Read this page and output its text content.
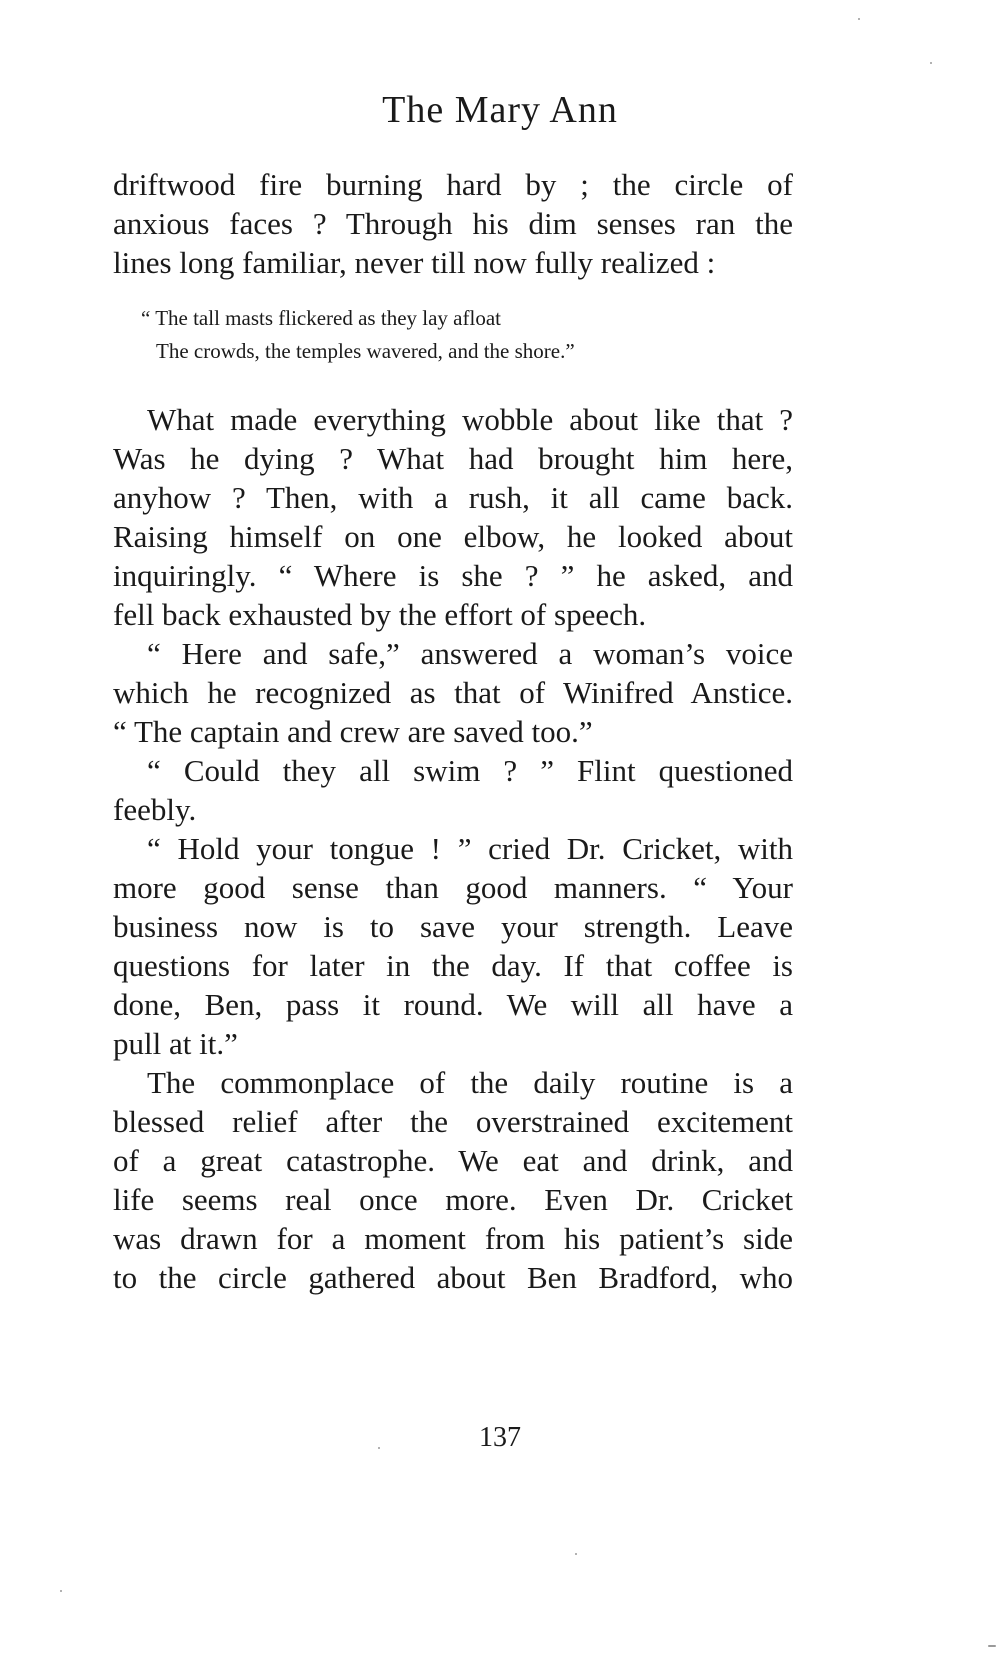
The Mary Ann

driftwood fire burning hard by ; the circle of
anxious faces ? Through his dim senses ran the
lines long familiar, never till now fully realized :

“ The tall masts flickered as they lay afloat
The crowds, the temples wavered, and the shore.”

What made everything wobble about like that ?
Was he dying ? What had brought him here,
anyhow ? Then, with a rush, it all came back.
Raising himself on one elbow, he looked about
inquiringly. “ Where is she ? ” he asked, and
fell back exhausted by the effort of speech.

“ Here and safe,” answered a woman’s voice
which he recognized as that of Winifred Anstice.
“ The captain and crew are saved too.”

“ Could they all swim ? ” Flint questioned
feebly.

“ Hold your tongue ! ” cried Dr. Cricket, with
more good sense than good manners. “ Your
business now is to save your strength. Leave
questions for later in the day. If that coffee is
done, Ben, pass it round. We will all have a
pull at it.”

The commonplace of the daily routine is a
blessed relief after the overstrained excitement
of a great catastrophe. We eat and drink, and
life seems real once more. Even Dr. Cricket
was drawn for a moment from his patient’s side
to the circle gathered about Ben Bradford, who

137
